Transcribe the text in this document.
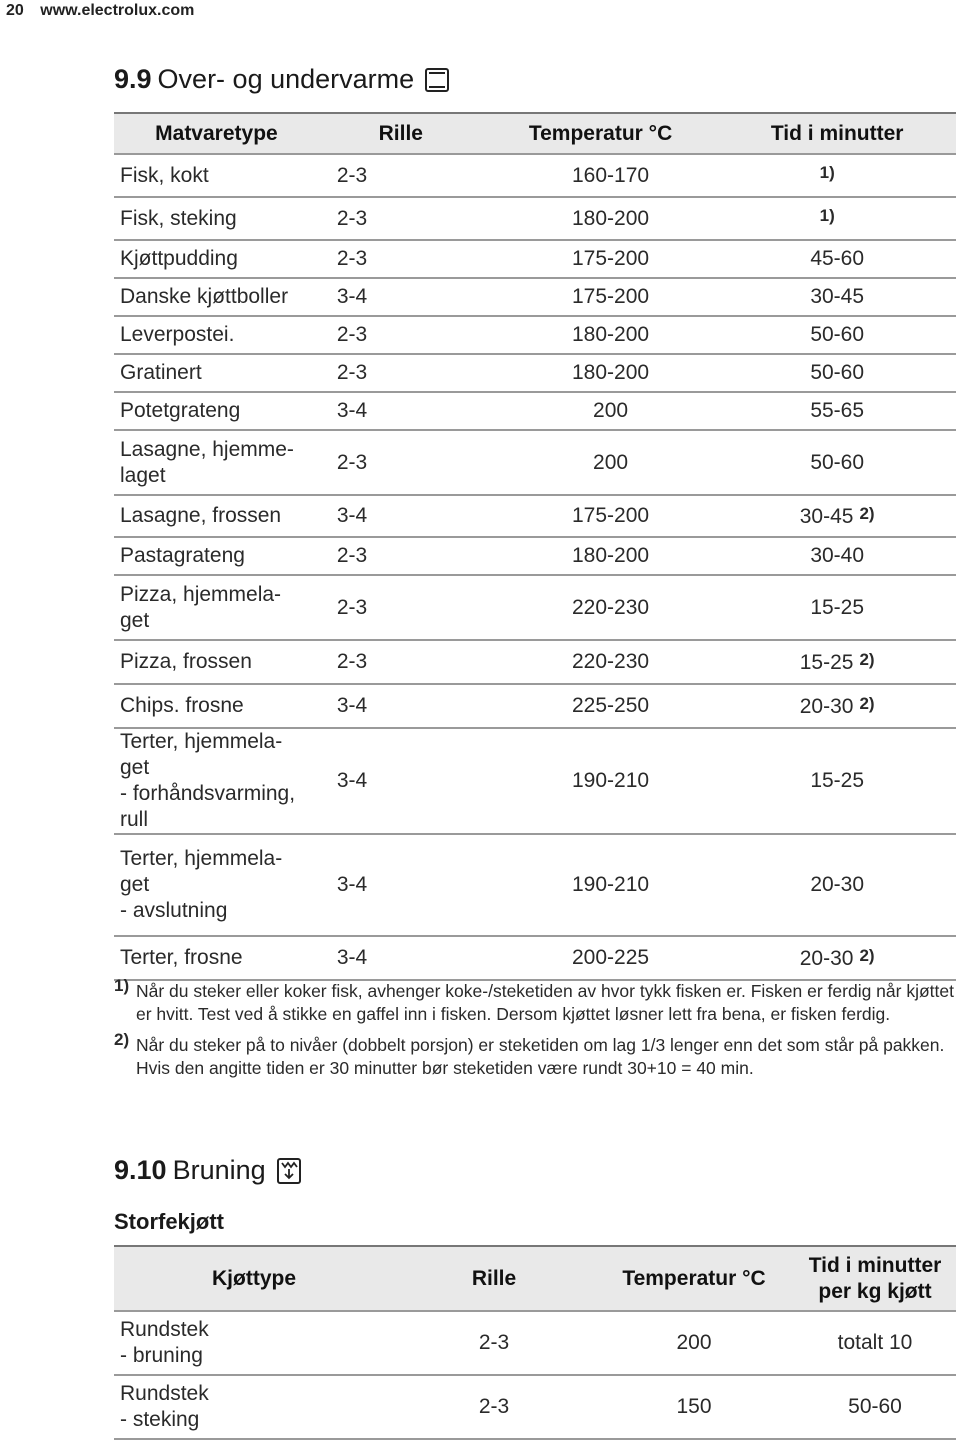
20 www.electrolux.com
9.9 Over- og undervarme
Matvaretype	Rille	Temperatur °C	Tid i minutter
Fisk, kokt	2-3	160-170	1)
Fisk, steking	2-3	180-200	1)
Kjøttpudding	2-3	175-200	45-60
Danske kjøttboller	3-4	175-200	30-45
Leverpostei.	2-3	180-200	50-60
Gratinert	2-3	180-200	50-60
Potetgrateng	3-4	200	55-65
Lasagne, hjemme-
laget	2-3	200	50-60
Lasagne, frossen	3-4	175-200	30-45 2)
Pastagrateng	2-3	180-200	30-40
Pizza, hjemmela-
get	2-3	220-230	15-25
Pizza, frossen	2-3	220-230	15-25 2)
Chips. frosne	3-4	225-250	20-30 2)
Terter, hjemmela-
get
- forhåndsvarming,
rull	3-4	190-210	15-25
Terter, hjemmela-
get
- avslutning	3-4	190-210	20-30
Terter, frosne	3-4	200-225	20-30 2)
1) Når du steker eller koker fisk, avhenger koke-/steketiden av hvor tykk fisken er. Fisken er ferdig når kjøttet er hvitt. Test ved å stikke en gaffel inn i fisken. Dersom kjøttet løsner lett fra bena, er fisken ferdig.
2) Når du steker på to nivåer (dobbelt porsjon) er steketiden om lag 1/3 lenger enn det som står på pakken. Hvis den angitte tiden er 30 minutter bør steketiden være rundt 30+10 = 40 min.
9.10 Bruning
Storfekjøtt
Kjøttype	Rille	Temperatur °C	Tid i minutter
per kg kjøtt
Rundstek
- bruning	2-3	200	totalt 10
Rundstek
- steking	2-3	150	50-60
